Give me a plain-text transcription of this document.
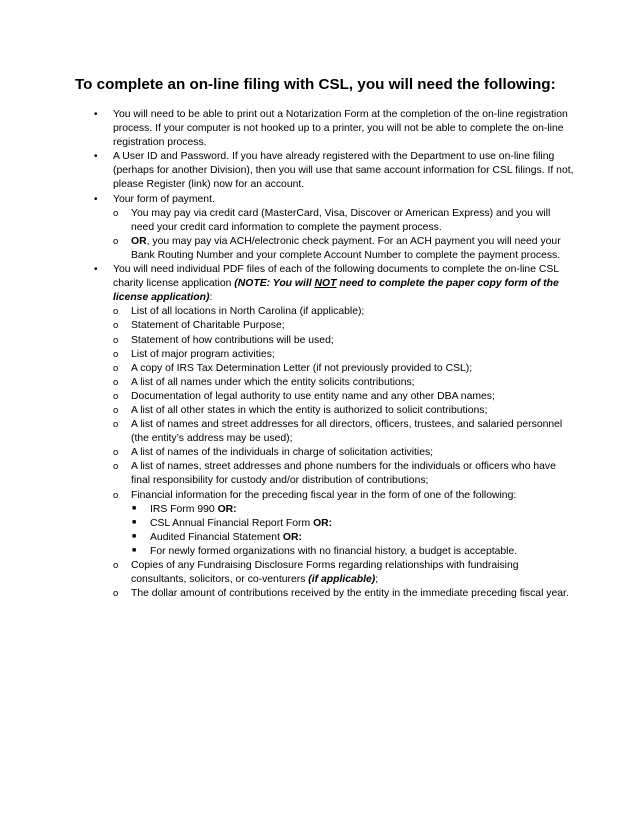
To complete an on-line filing with CSL, you will need the following:
• You will need to be able to print out a Notarization Form at the completion of the on-line registration process. If your computer is not hooked up to a printer, you will not be able to complete the on-line registration process.
• A User ID and Password. If you have already registered with the Department to use on-line filing (perhaps for another Division), then you will use that same account information for CSL filings. If not, please Register (link) now for an account.
• Your form of payment.
o You may pay via credit card (MasterCard, Visa, Discover or American Express) and you will need your credit card information to complete the payment process.
o OR, you may pay via ACH/electronic check payment. For an ACH payment you will need your Bank Routing Number and your complete Account Number to complete the payment process.
• You will need individual PDF files of each of the following documents to complete the on-line CSL charity license application (NOTE: You will NOT need to complete the paper copy form of the license application):
o List of all locations in North Carolina (if applicable);
o Statement of Charitable Purpose;
o Statement of how contributions will be used;
o List of major program activities;
o A copy of IRS Tax Determination Letter (if not previously provided to CSL);
o A list of all names under which the entity solicits contributions;
o Documentation of legal authority to use entity name and any other DBA names;
o A list of all other states in which the entity is authorized to solicit contributions;
o A list of names and street addresses for all directors, officers, trustees, and salaried personnel (the entity’s address may be used);
o A list of names of the individuals in charge of solicitation activities;
o A list of names, street addresses and phone numbers for the individuals or officers who have final responsibility for custody and/or distribution of contributions;
o Financial information for the preceding fiscal year in the form of one of the following:
■ IRS Form 990 OR:
■ CSL Annual Financial Report Form OR:
■ Audited Financial Statement OR:
■ For newly formed organizations with no financial history, a budget is acceptable.
o Copies of any Fundraising Disclosure Forms regarding relationships with fundraising consultants, solicitors, or co-venturers (if applicable);
o The dollar amount of contributions received by the entity in the immediate preceding fiscal year.
